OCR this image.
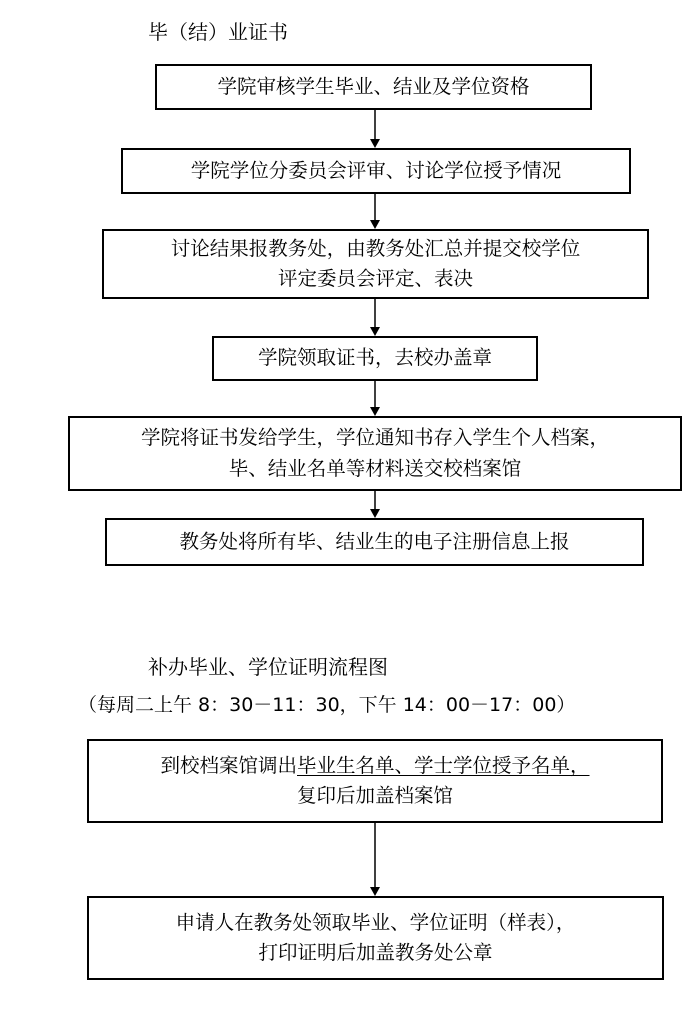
毕（结）业证书
学院审核学生毕业、结业及学位资格
学院学位分委员会评审、讨论学位授予情况
讨论结果报教务处，由教务处汇总并提交校学位
评定委员会评定、表决
学院领取证书，去校办盖章
学院将证书发给学生，学位通知书存入学生个人档案，
毕、结业名单等材料送交校档案馆
教务处将所有毕、结业生的电子注册信息上报
补办毕业、学位证明流程图
（每周二上午 8：30－11：30，下午 14：00－17：00）
到校档案馆调出毕业生名单、学士学位授予名单，
复印后加盖档案馆
申请人在教务处领取毕业、学位证明（样表），
打印证明后加盖教务处公章
